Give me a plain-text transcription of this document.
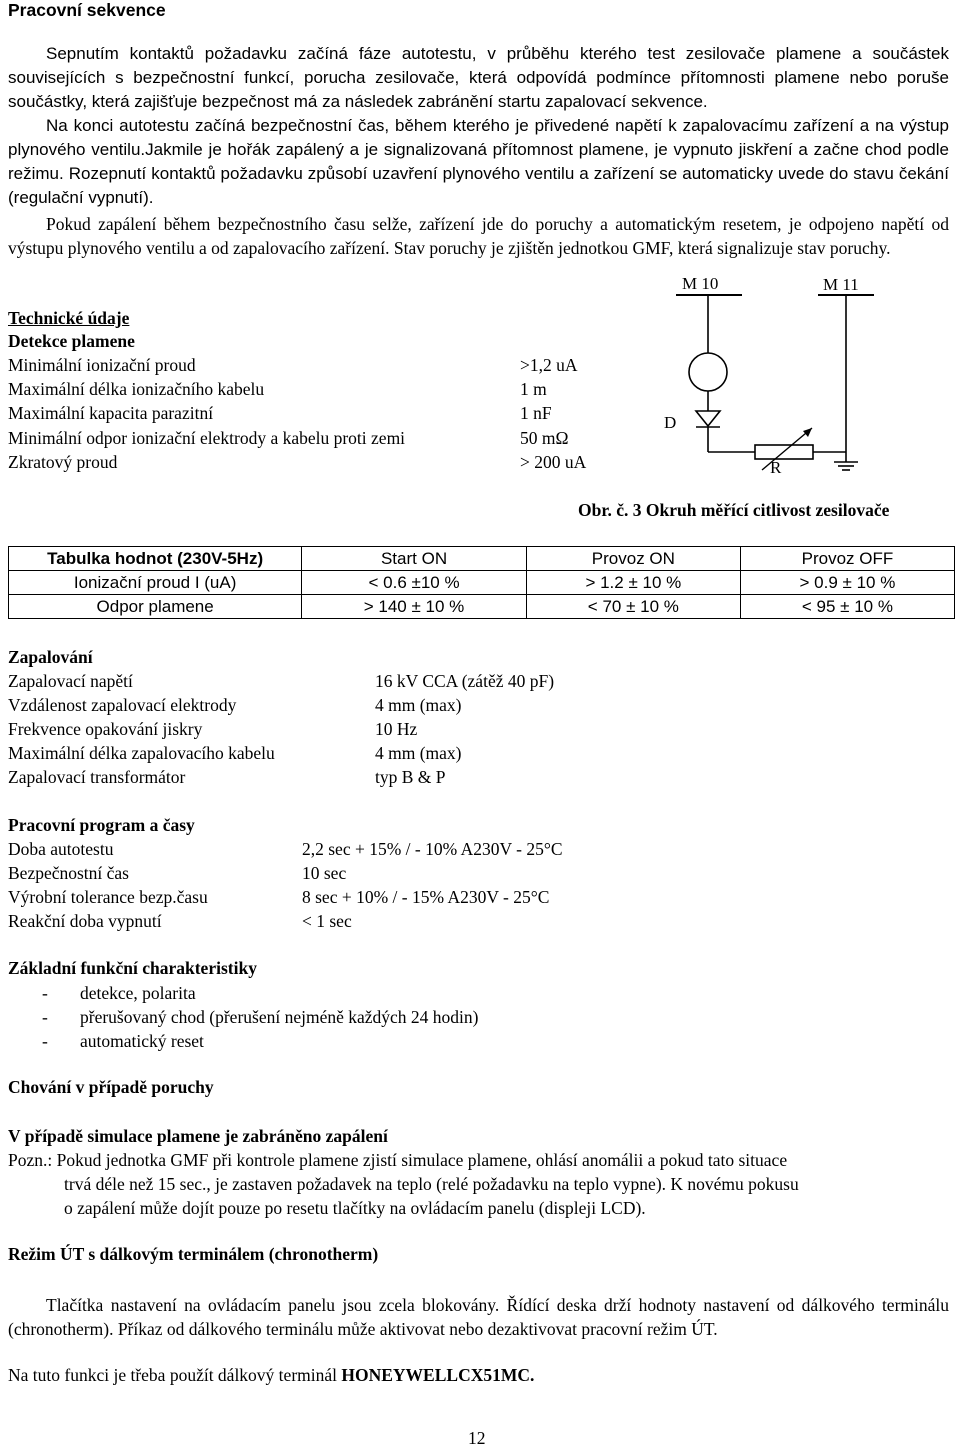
Pracovní sekvence
Sepnutím kontaktů požadavku začíná fáze autotestu, v průběhu kterého test zesilovače plamene a součástek souvisejících s bezpečnostní funkcí, porucha zesilovače, která odpovídá podmínce přítomnosti plamene nebo poruše součástky, která zajišťuje bezpečnost má za následek zabránění startu zapalovací sekvence.
Na konci autotestu začíná bezpečnostní čas, během kterého je přivedené napětí k zapalovacímu zařízení a na výstup plynového ventilu.Jakmile je hořák zapálený a je signalizovaná přítomnost plamene, je vypnuto jiskření a začne chod podle režimu. Rozepnutí kontaktů požadavku způsobí uzavření plynového ventilu a zařízení se automaticky uvede do stavu čekání (regulační vypnutí).
Pokud zapálení během bezpečnostního času selže, zařízení jde do poruchy a automatickým resetem, je odpojeno napětí od výstupu plynového ventilu a od zapalovacího zařízení. Stav poruchy je zjištěn jednotkou GMF, která signalizuje stav poruchy.
Technické údaje
Detekce plamene
Minimální ionizační proud	>1,2 uA
Maximální délka ionizačního kabelu	1 m
Maximální kapacita parazitní	1 nF
Minimální odpor ionizační elektrody a kabelu proti zemi	50 mΩ
Zkratový proud	> 200 uA
M 10	M 11
D
R
Obr. č. 3 Okruh měřící citlivost zesilovače
Tabulka hodnot (230V-5Hz)	Start ON	Provoz ON	Provoz OFF
Ionizační proud I (uA)	< 0.6 ±10 %	> 1.2 ± 10 %	> 0.9 ± 10 %
Odpor plamene	> 140 ± 10 %	< 70 ± 10 %	< 95 ± 10 %
Zapalování
Zapalovací napětí	16 kV CCA (zátěž 40 pF)
Vzdálenost zapalovací elektrody	4 mm (max)
Frekvence opakování jiskry	10 Hz
Maximální délka zapalovacího kabelu	4 mm (max)
Zapalovací transformátor	typ B & P
Pracovní program a časy
Doba autotestu	2,2 sec + 15% / - 10% A230V - 25°C
Bezpečnostní čas	10 sec
Výrobní tolerance bezp.času	8 sec + 10% / - 15% A230V - 25°C
Reakční doba vypnutí	< 1 sec
Základní funkční charakteristiky
- detekce, polarita
- přerušovaný chod (přerušení nejméně každých 24 hodin)
- automatický reset
Chování v případě poruchy
V případě simulace plamene je zabráněno zapálení
Pozn.: Pokud jednotka GMF při kontrole plamene zjistí simulace plamene, ohlásí anomálii a pokud tato situace
trvá déle než 15 sec., je zastaven požadavek na teplo (relé požadavku na teplo vypne). K novému pokusu
o zapálení může dojít pouze po resetu tlačítky na ovládacím panelu (displeji LCD).
Režim ÚT s dálkovým terminálem (chronotherm)
Tlačítka nastavení na ovládacím panelu jsou zcela blokovány. Řídící deska drží hodnoty nastavení od dálkového terminálu (chronotherm). Příkaz od dálkového terminálu může aktivovat nebo dezaktivovat pracovní režim ÚT.
Na tuto funkci je třeba použít dálkový terminál HONEYWELLCX51MC.
12
